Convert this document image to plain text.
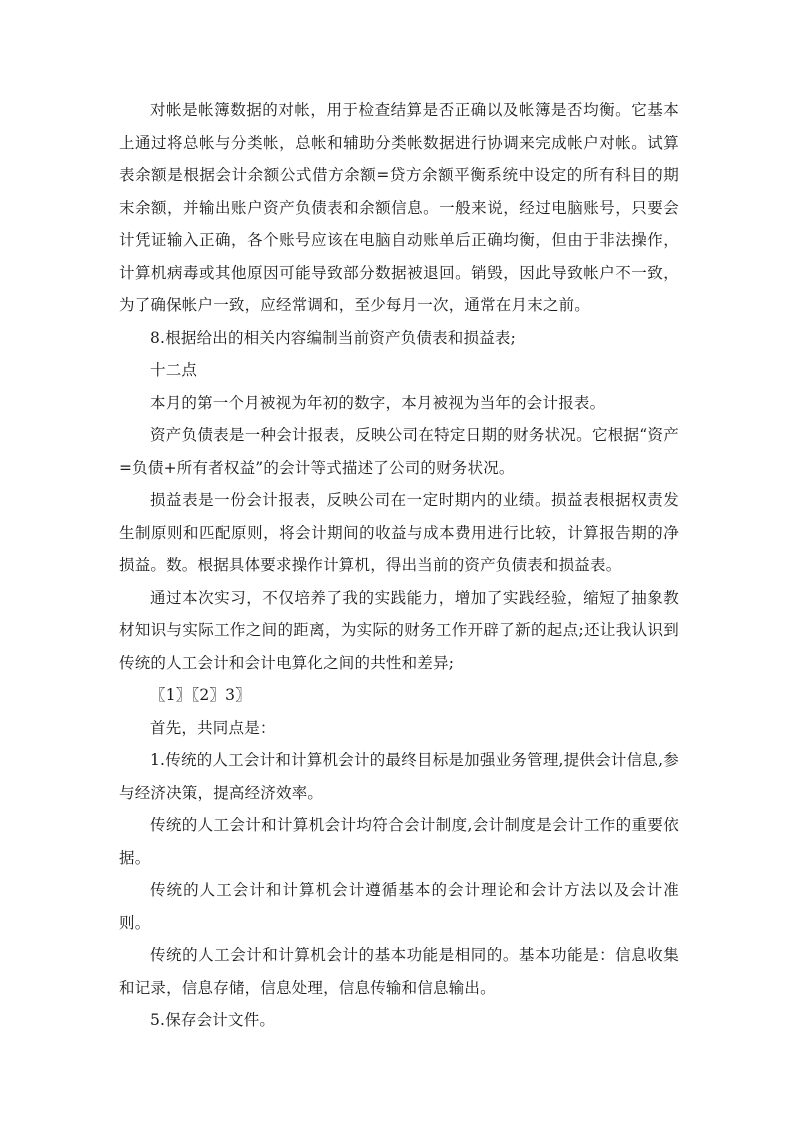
对帐是帐簿数据的对帐，用于检查结算是否正确以及帐簿是否均衡。它基本上通过将总帐与分类帐，总帐和辅助分类帐数据进行协调来完成帐户对帐。试算表余额是根据会计余额公式借方余额=贷方余额平衡系统中设定的所有科目的期末余额，并输出账户资产负债表和余额信息。一般来说，经过电脑账号，只要会计凭证输入正确，各个账号应该在电脑自动账单后正确均衡，但由于非法操作，计算机病毒或其他原因可能导致部分数据被退回。销毁，因此导致帐户不一致，为了确保帐户一致，应经常调和，至少每月一次，通常在月末之前。

8.根据给出的相关内容编制当前资产负债表和损益表;

十二点

本月的第一个月被视为年初的数字，本月被视为当年的会计报表。

资产负债表是一种会计报表，反映公司在特定日期的财务状况。它根据“资产=负债+所有者权益”的会计等式描述了公司的财务状况。

损益表是一份会计报表，反映公司在一定时期内的业绩。损益表根据权责发生制原则和匹配原则，将会计期间的收益与成本费用进行比较，计算报告期的净损益。数。根据具体要求操作计算机，得出当前的资产负债表和损益表。

通过本次实习，不仅培养了我的实践能力，增加了实践经验，缩短了抽象教材知识与实际工作之间的距离，为实际的财务工作开辟了新的起点;还让我认识到传统的人工会计和会计电算化之间的共性和差异;

〖1〗〖2〗3〗

首先，共同点是：

1.传统的人工会计和计算机会计的最终目标是加强业务管理,提供会计信息,参与经济决策，提高经济效率。

传统的人工会计和计算机会计均符合会计制度,会计制度是会计工作的重要依据。

传统的人工会计和计算机会计遵循基本的会计理论和会计方法以及会计准则。

传统的人工会计和计算机会计的基本功能是相同的。基本功能是：信息收集和记录，信息存储，信息处理，信息传输和信息输出。

5.保存会计文件。
